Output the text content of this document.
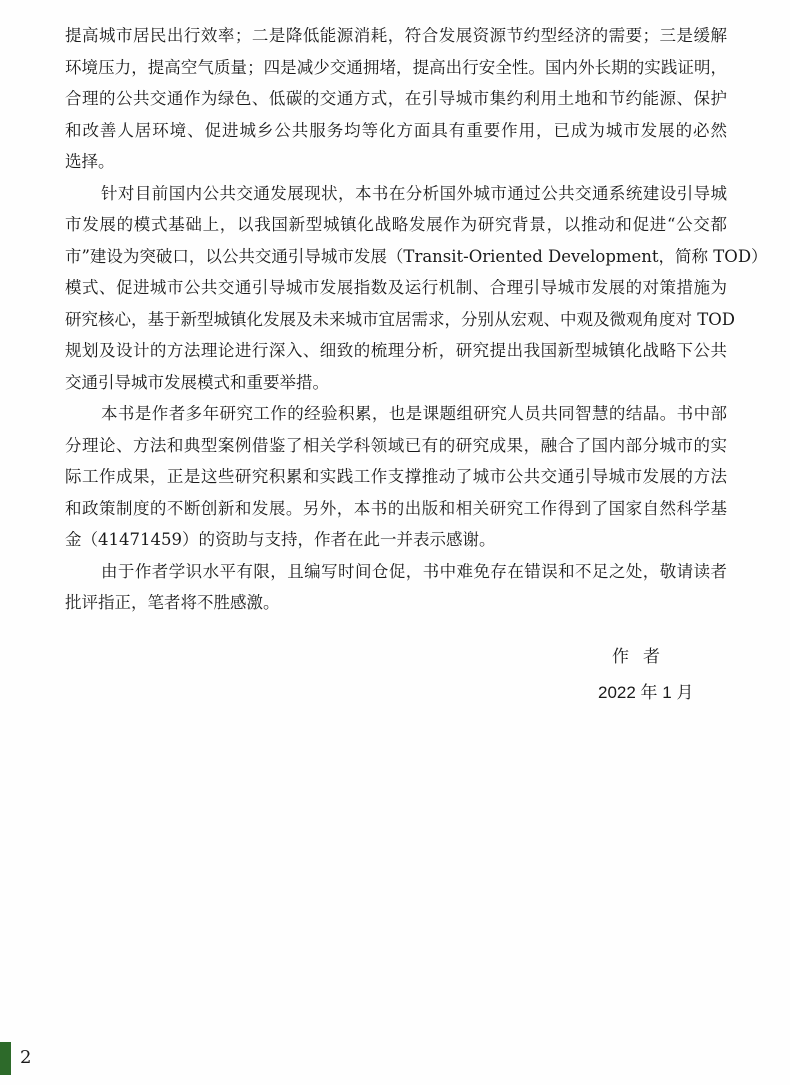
提高城市居民出行效率；二是降低能源消耗，符合发展资源节约型经济的需要；三是缓解
环境压力，提高空气质量；四是减少交通拥堵，提高出行安全性。国内外长期的实践证明，
合理的公共交通作为绿色、低碳的交通方式，在引导城市集约利用土地和节约能源、保护
和改善人居环境、促进城乡公共服务均等化方面具有重要作用，已成为城市发展的必然
选择。
针对目前国内公共交通发展现状，本书在分析国外城市通过公共交通系统建设引导城
市发展的模式基础上，以我国新型城镇化战略发展作为研究背景，以推动和促进“公交都
市”建设为突破口，以公共交通引导城市发展（Transit-Oriented Development，简称 TOD）
模式、促进城市公共交通引导城市发展指数及运行机制、合理引导城市发展的对策措施为
研究核心，基于新型城镇化发展及未来城市宜居需求，分别从宏观、中观及微观角度对 TOD
规划及设计的方法理论进行深入、细致的梳理分析，研究提出我国新型城镇化战略下公共
交通引导城市发展模式和重要举措。
本书是作者多年研究工作的经验积累，也是课题组研究人员共同智慧的结晶。书中部
分理论、方法和典型案例借鉴了相关学科领域已有的研究成果，融合了国内部分城市的实
际工作成果，正是这些研究积累和实践工作支撑推动了城市公共交通引导城市发展的方法
和政策制度的不断创新和发展。另外，本书的出版和相关研究工作得到了国家自然科学基
金（41471459）的资助与支持，作者在此一并表示感谢。
由于作者学识水平有限，且编写时间仓促，书中难免存在错误和不足之处，敬请读者
批评指正，笔者将不胜感激。
作者
2022 年 1 月
2
